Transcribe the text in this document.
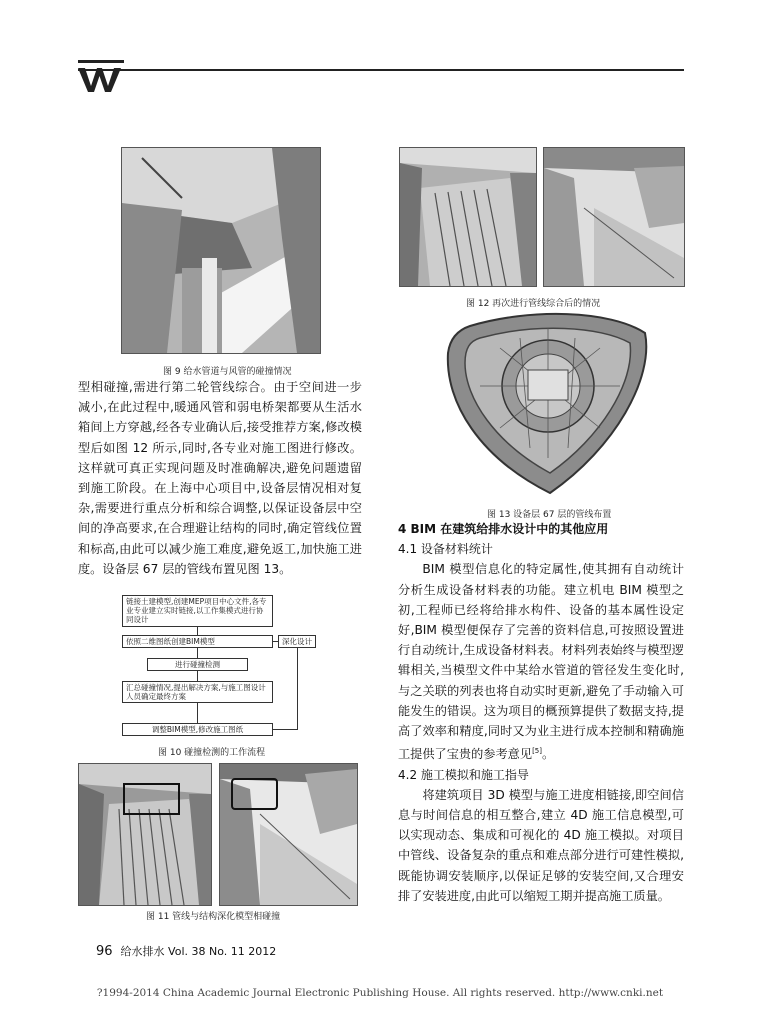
图 9 给水管道与风管的碰撞情况

型相碰撞,需进行第二轮管线综合。由于空间进一步减小,在此过程中,暖通风管和弱电桥架都要从生活水箱间上方穿越,经各专业确认后,接受推荐方案,修改模型后如图 12 所示,同时,各专业对施工图进行修改。这样就可真正实现问题及时准确解决,避免问题遗留到施工阶段。在上海中心项目中,设备层情况相对复杂,需要进行重点分析和综合调整,以保证设备层中空间的净高要求,在合理避让结构的同时,确定管线位置和标高,由此可以减少施工难度,避免返工,加快施工进度。设备层 67 层的管线布置见图 13。

链接土建模型,创建MEP项目中心文件,各专业专业建立实时链接,以工作集模式进行协同设计
依照二维图纸创建BIM模型
进行碰撞检测
汇总碰撞情况,提出解决方案,与施工图设计人员确定最终方案
调整BIM模型,修改施工图纸
深化设计
图 10 碰撞检测的工作流程
图 11 管线与结构深化模型相碰撞
图 12 再次进行管线综合后的情况
图 13 设备层 67 层的管线布置

4 BIM 在建筑给排水设计中的其他应用

4.1 设备材料统计

BIM 模型信息化的特定属性,使其拥有自动统计分析生成设备材料表的功能。建立机电 BIM 模型之初,工程师已经将给排水构件、设备的基本属性设定好,BIM 模型便保存了完善的资料信息,可按照设置进行自动统计,生成设备材料表。材料列表始终与模型逻辑相关,当模型文件中某给水管道的管径发生变化时,与之关联的列表也将自动实时更新,避免了手动输入可能发生的错误。这为项目的概预算提供了数据支持,提高了效率和精度,同时又为业主进行成本控制和精确施工提供了宝贵的参考意见[5]。

4.2 施工模拟和施工指导

将建筑项目 3D 模型与施工进度相链接,即空间信息与时间信息的相互整合,建立 4D 施工信息模型,可以实现动态、集成和可视化的 4D 施工模拟。对项目中管线、设备复杂的重点和难点部分进行可建性模拟,既能协调安装顺序,以保证足够的安装空间,又合理安排了安装进度,由此可以缩短工期并提高施工质量。

96 给水排水 Vol. 38 No. 11 2012
?1994-2014 China Academic Journal Electronic Publishing House. All rights reserved. http://www.cnki.net
